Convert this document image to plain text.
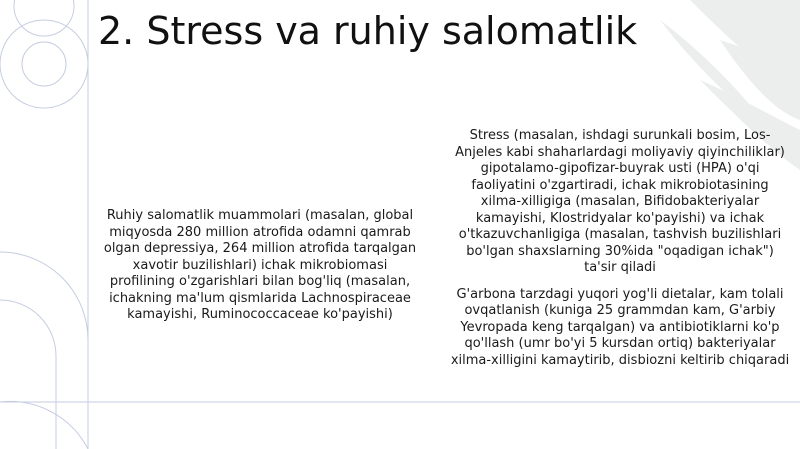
2. Stress va ruhiy salomatlik

Ruhiy salomatlik muammolari (masalan, global miqyosda 280 million atrofida odamni qamrab olgan depressiya, 264 million atrofida tarqalgan xavotir buzilishlari) ichak mikrobiomasi profilining o'zgarishlari bilan bog'liq (masalan, ichakning ma'lum qismlarida Lachnospiraceae kamayishi, Ruminococcaceae ko'payishi)

Stress (masalan, ishdagi surunkali bosim, Los-Anjeles kabi shaharlardagi moliyaviy qiyinchiliklar) gipotalamo-gipofizar-buyrak usti (HPA) o'qi faoliyatini o'zgartiradi, ichak mikrobiotasining xilma-xilligiga (masalan, Bifidobakteriyalar kamayishi, Klostridyalar ko'payishi) va ichak o'tkazuvchanligiga (masalan, tashvish buzilishlari bo'lgan shaxslarning 30%ida "oqadigan ichak") ta'sir qiladi

G'arbona tarzdagi yuqori yog'li dietalar, kam tolali ovqatlanish (kuniga 25 grammdan kam, G'arbiy Yevropada keng tarqalgan) va antibiotiklarni ko'p qo'llash (umr bo'yi 5 kursdan ortiq) bakteriyalar xilma-xilligini kamaytirib, disbiozni keltirib chiqaradi
